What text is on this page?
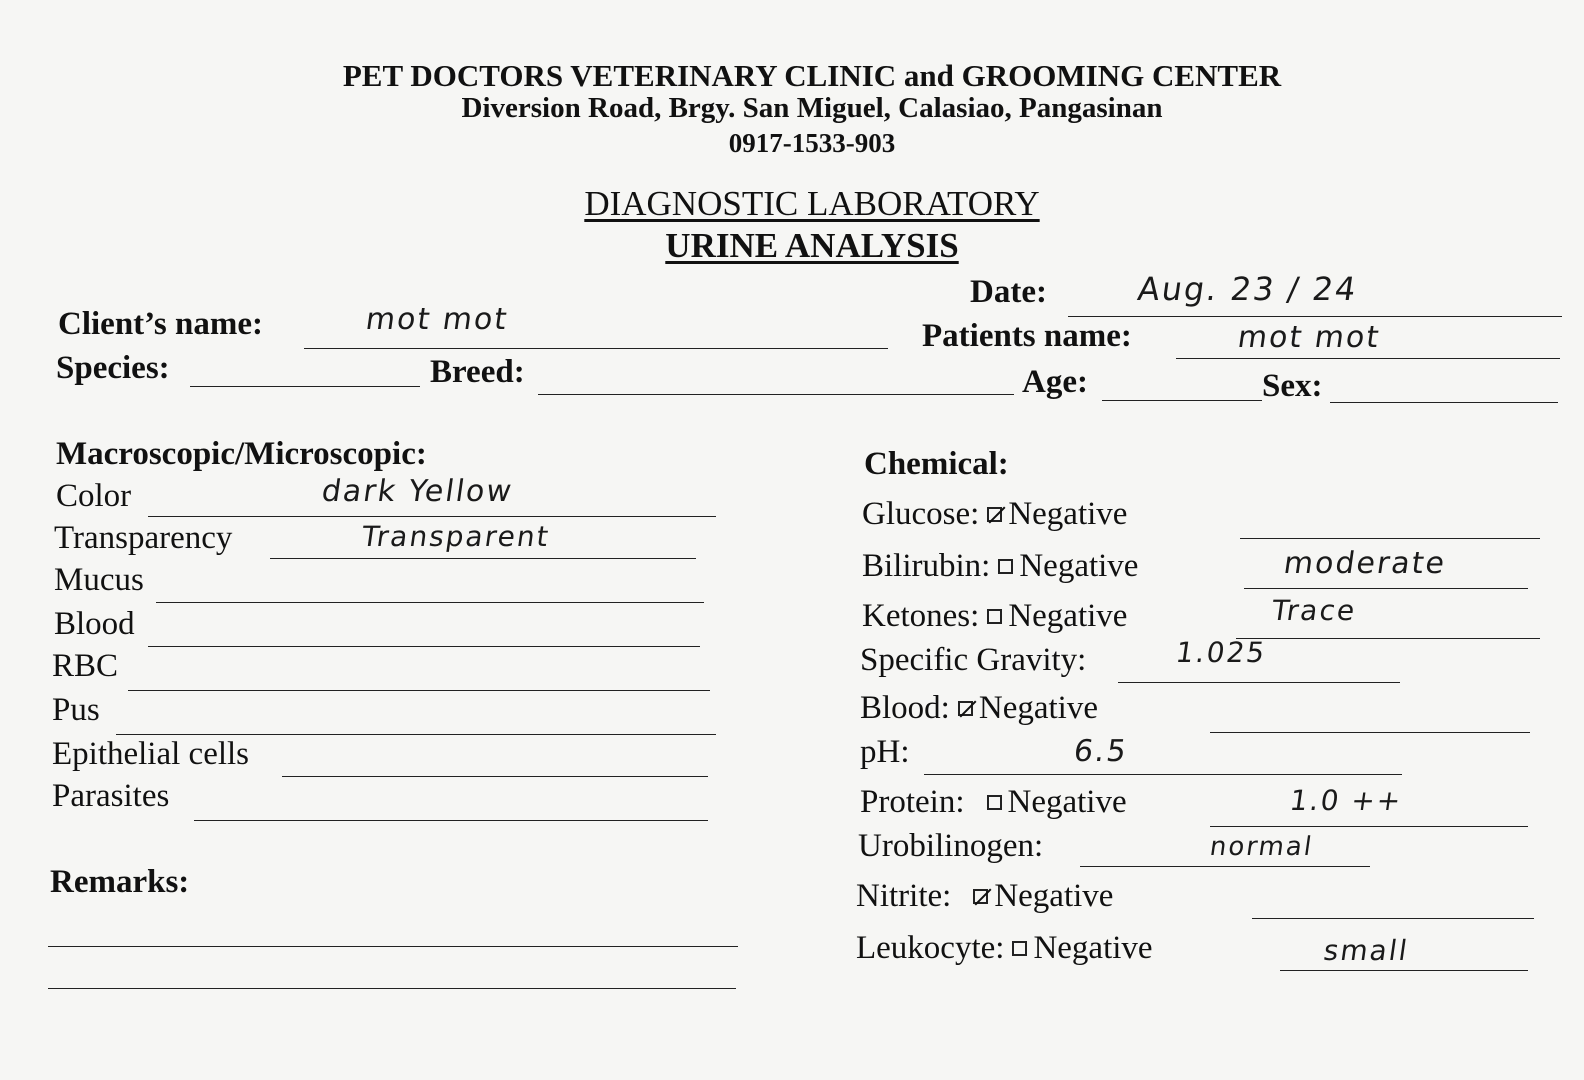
PET DOCTORS VETERINARY CLINIC and GROOMING CENTER
Diversion Road, Brgy. San Miguel, Calasiao, Pangasinan
0917-1533-903
DIAGNOSTIC LABORATORY
URINE ANALYSIS
Date:	Aug. 23 / 24
Client’s name:	mot mot	Patients name:	mot mot
Species:	Breed:	Age:	Sex:
Macroscopic/Microscopic:
Color	dark Yellow
Transparency	Transparent
Mucus
Blood
RBC
Pus
Epithelial cells
Parasites
Remarks:
Chemical:
Glucose: Negative
Bilirubin: Negative	moderate
Ketones: Negative	Trace
Specific Gravity:	1.025
Blood: Negative
pH:	6.5
Protein: Negative	1.0 ++
Urobilinogen:	normal
Nitrite: Negative
Leukocyte: Negative	small
